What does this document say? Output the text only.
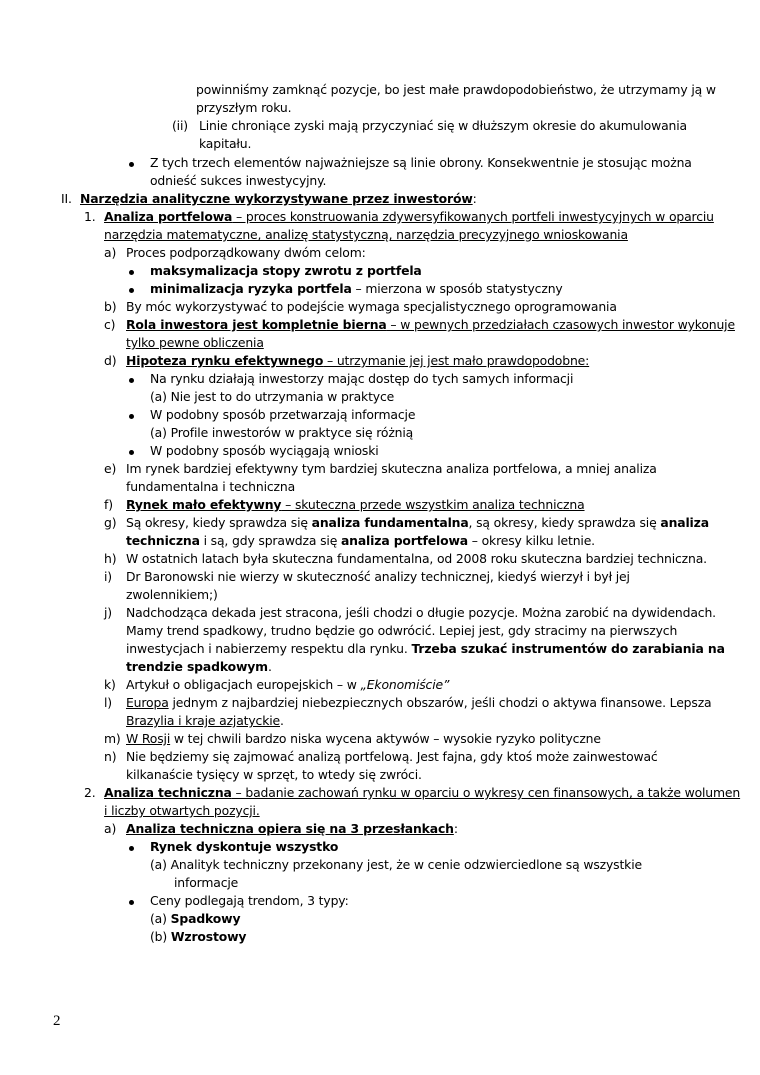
powinniśmy zamknąć pozycje, bo jest małe prawdopodobieństwo, że utrzymamy ją w
przyszłym roku.
(ii) Linie chroniące zyski mają przyczyniać się w dłuższym okresie do akumulowania
kapitału.
Z tych trzech elementów najważniejsze są linie obrony. Konsekwentnie je stosując można
odnieść sukces inwestycyjny.
II. Narzędzia analityczne wykorzystywane przez inwestorów:
1. Analiza portfelowa – proces konstruowania zdywersyfikowanych portfeli inwestycyjnych w oparciu
narzędzia matematyczne, analizę statystyczną, narzędzia precyzyjnego wnioskowania
a) Proces podporządkowany dwóm celom:
maksymalizacja stopy zwrotu z portfela
minimalizacja ryzyka portfela – mierzona w sposób statystyczny
b) By móc wykorzystywać to podejście wymaga specjalistycznego oprogramowania
c) Rola inwestora jest kompletnie bierna – w pewnych przedziałach czasowych inwestor wykonuje
tylko pewne obliczenia
d) Hipoteza rynku efektywnego – utrzymanie jej jest mało prawdopodobne:
Na rynku działają inwestorzy mając dostęp do tych samych informacji
(a) Nie jest to do utrzymania w praktyce
W podobny sposób przetwarzają informacje
(a) Profile inwestorów w praktyce się różnią
W podobny sposób wyciągają wnioski
e) Im rynek bardziej efektywny tym bardziej skuteczna analiza portfelowa, a mniej analiza
fundamentalna i techniczna
f) Rynek mało efektywny – skuteczna przede wszystkim analiza techniczna
g) Są okresy, kiedy sprawdza się analiza fundamentalna, są okresy, kiedy sprawdza się analiza
techniczna i są, gdy sprawdza się analiza portfelowa – okresy kilku letnie.
h) W ostatnich latach była skuteczna fundamentalna, od 2008 roku skuteczna bardziej techniczna.
i) Dr Baronowski nie wierzy w skuteczność analizy technicznej, kiedyś wierzył i był jej
zwolennikiem;)
j) Nadchodząca dekada jest stracona, jeśli chodzi o długie pozycje. Można zarobić na dywidendach.
Mamy trend spadkowy, trudno będzie go odwrócić. Lepiej jest, gdy stracimy na pierwszych
inwestycjach i nabierzemy respektu dla rynku. Trzeba szukać instrumentów do zarabiania na
trendzie spadkowym.
k) Artykuł o obligacjach europejskich – w „Ekonomiście”
l) Europa jednym z najbardziej niebezpiecznych obszarów, jeśli chodzi o aktywa finansowe. Lepsza
Brazylia i kraje azjatyckie.
m) W Rosji w tej chwili bardzo niska wycena aktywów – wysokie ryzyko polityczne
n) Nie będziemy się zajmować analizą portfelową. Jest fajna, gdy ktoś może zainwestować
kilkanaście tysięcy w sprzęt, to wtedy się zwróci.
2. Analiza techniczna – badanie zachowań rynku w oparciu o wykresy cen finansowych, a także wolumen
i liczby otwartych pozycji.
a) Analiza techniczna opiera się na 3 przesłankach:
Rynek dyskontuje wszystko
(a) Analityk techniczny przekonany jest, że w cenie odzwierciedlone są wszystkie
informacje
Ceny podlegają trendom, 3 typy:
(a) Spadkowy
(b) Wzrostowy
2
